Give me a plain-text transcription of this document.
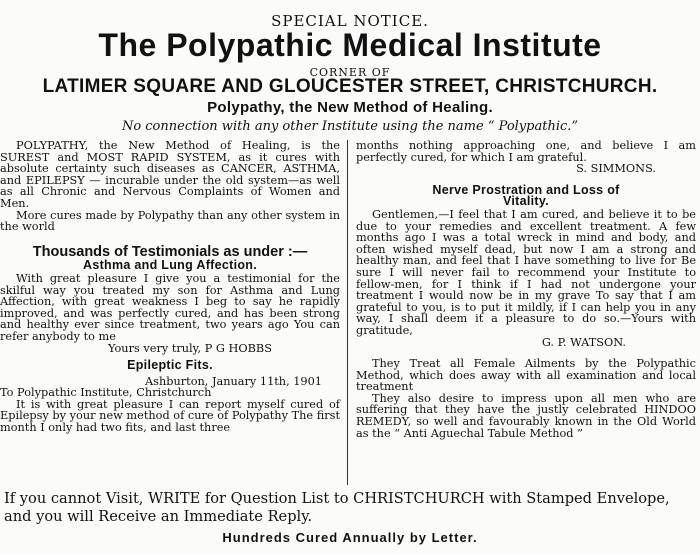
SPECIAL NOTICE.
The Polypathic Medical Institute
CORNER OF
LATIMER SQUARE AND GLOUCESTER STREET, CHRISTCHURCH.
Polypathy, the New Method of Healing.
No connection with any other Institute using the name “ Polypathic.”

POLYPATHY, the New Method of Healing, is the SUREST and MOST RAPID SYSTEM, as it cures with absolute certainty such diseases as CANCER, ASTHMA, and EPILEPSY — incurable under the old system—as well as all Chronic and Nervous Complaints of Women and Men.

More cures made by Polypathy than any other system in the world

Thousands of Testimonials as under :—
Asthma and Lung Affection.

With great pleasure I give you a testimonial for the skilful way you treated my son for Asthma and Lung Affection, with great weakness I beg to say he rapidly improved, and was perfectly cured, and has been strong and healthy ever since treatment, two years ago You can refer anybody to me

Yours very truly, P G HOBBS

Epileptic Fits.

Ashburton, January 11th, 1901

To Polypathic Institute, Christchurch

It is with great pleasure I can report myself cured of Epilepsy by your new method of cure of Polypathy The first month I only had two fits, and last three

months nothing approaching one, and believe I am perfectly cured, for which I am grateful.

S. SIMMONS.

Nerve Prostration and Loss of
Vitality.

Gentlemen,—I feel that I am cured, and believe it to be due to your remedies and excellent treatment. A few months ago I was a total wreck in mind and body, and often wished myself dead, but now I am a strong and healthy man, and feel that I have something to live for Be sure I will never fail to recommend your Institute to fellow-men, for I think if I had not undergone your treatment I would now be in my grave To say that I am grateful to you, is to put it mildly, if I can help you in any way, I shall deem it a pleasure to do so.—Yours with gratitude,

G. P. WATSON.

They Treat all Female Ailments by the Polypathic Method, which does away with all examination and local treatment

They also desire to impress upon all men who are suffering that they have the justly celebrated HINDOO REMEDY, so well and favourably known in the Old World as the “ Anti Aguechal Tabule Method ”

If you cannot Visit, WRITE for Question List to CHRISTCHURCH with Stamped Envelope, and you will Receive an Immediate Reply.
Hundreds Cured Annually by Letter.
